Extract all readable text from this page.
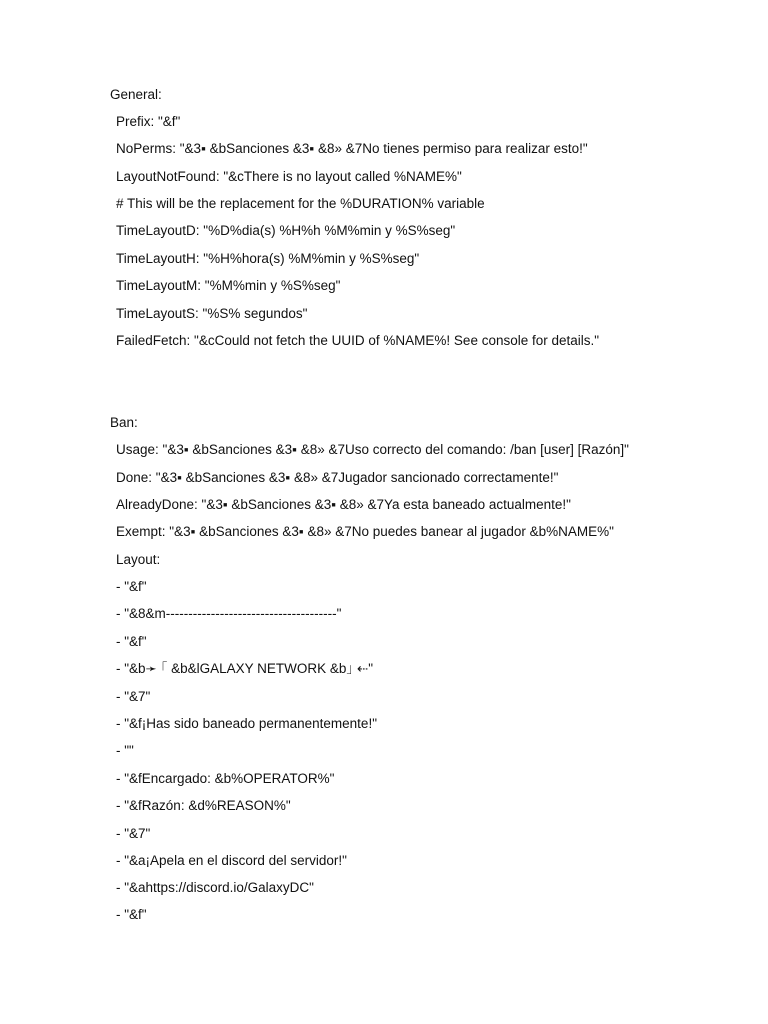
General:
Prefix: "&f"
NoPerms: "&3▪ &bSanciones &3▪ &8» &7No tienes permiso para realizar esto!"
LayoutNotFound: "&cThere is no layout called %NAME%"
# This will be the replacement for the %DURATION% variable
TimeLayoutD: "%D%dia(s) %H%h %M%min y %S%seg"
TimeLayoutH: "%H%hora(s) %M%min y %S%seg"
TimeLayoutM: "%M%min y %S%seg"
TimeLayoutS: "%S% segundos"
FailedFetch: "&cCould not fetch the UUID of %NAME%! See console for details."
Ban:
Usage: "&3▪ &bSanciones &3▪ &8» &7Uso correcto del comando: /ban [user] [Razón]"
Done: "&3▪ &bSanciones &3▪ &8» &7Jugador sancionado correctamente!"
AlreadyDone: "&3▪ &bSanciones &3▪ &8» &7Ya esta baneado actualmente!"
Exempt: "&3▪ &bSanciones &3▪ &8» &7No puedes banear al jugador &b%NAME%"
Layout:
- "&f"
- "&8&m--------------------------------------"
- "&f"
- "&b➛ ｢ &b&lGALAXY NETWORK &b｣ ⇠"
- "&7"
- "&f¡Has sido baneado permanentemente!"
- ""
- "&fEncargado: &b%OPERATOR%"
- "&fRazón: &d%REASON%"
- "&7"
- "&a¡Apela en el discord del servidor!"
- "&ahttps://discord.io/GalaxyDC"
- "&f"
